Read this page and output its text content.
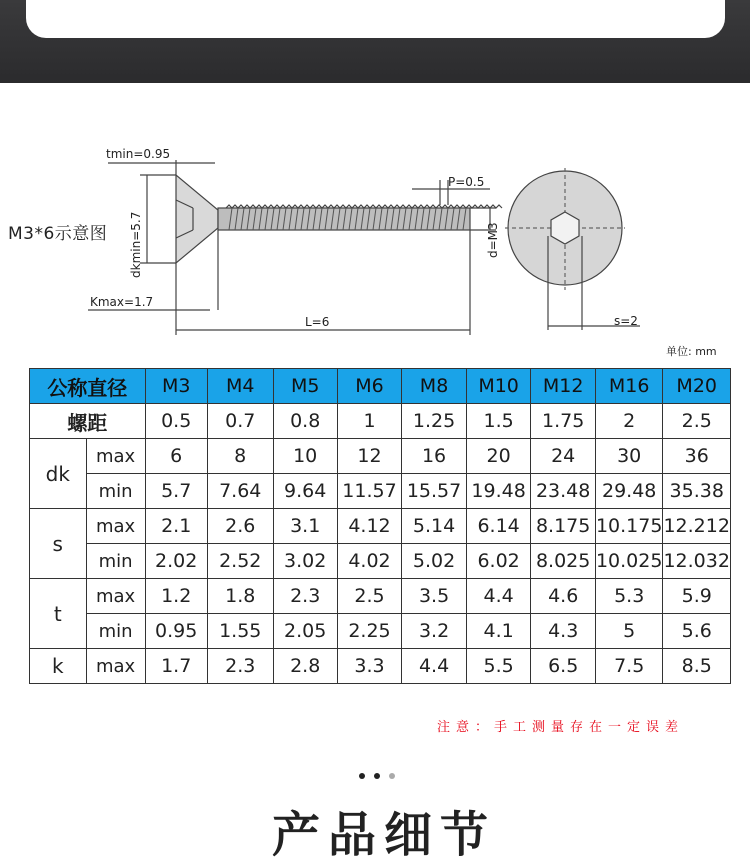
M3*6示意图
tmin=0.95
Kmax=1.7
L=6
P=0.5
s=2
dkmin=5.7	d=M3
单位: mm
公称直径		M3	M4	M5	M6	M8	M10	M12	M16	M20
螺距		0.5	0.7	0.8	1	1.25	1.5	1.75	2	2.5
dk	max	6	8	10	12	16	20	24	30	36
	min	5.7	7.64	9.64	11.57	15.57	19.48	23.48	29.48	35.38
s	max	2.1	2.6	3.1	4.12	5.14	6.14	8.175	10.175	12.212
	min	2.02	2.52	3.02	4.02	5.02	6.02	8.025	10.025	12.032
t	max	1.2	1.8	2.3	2.5	3.5	4.4	4.6	5.3	5.9
	min	0.95	1.55	2.05	2.25	3.2	4.1	4.3	5	5.6
k	max	1.7	2.3	2.8	3.3	4.4	5.5	6.5	7.5	8.5
注意：手工测量存在一定误差
产品细节
